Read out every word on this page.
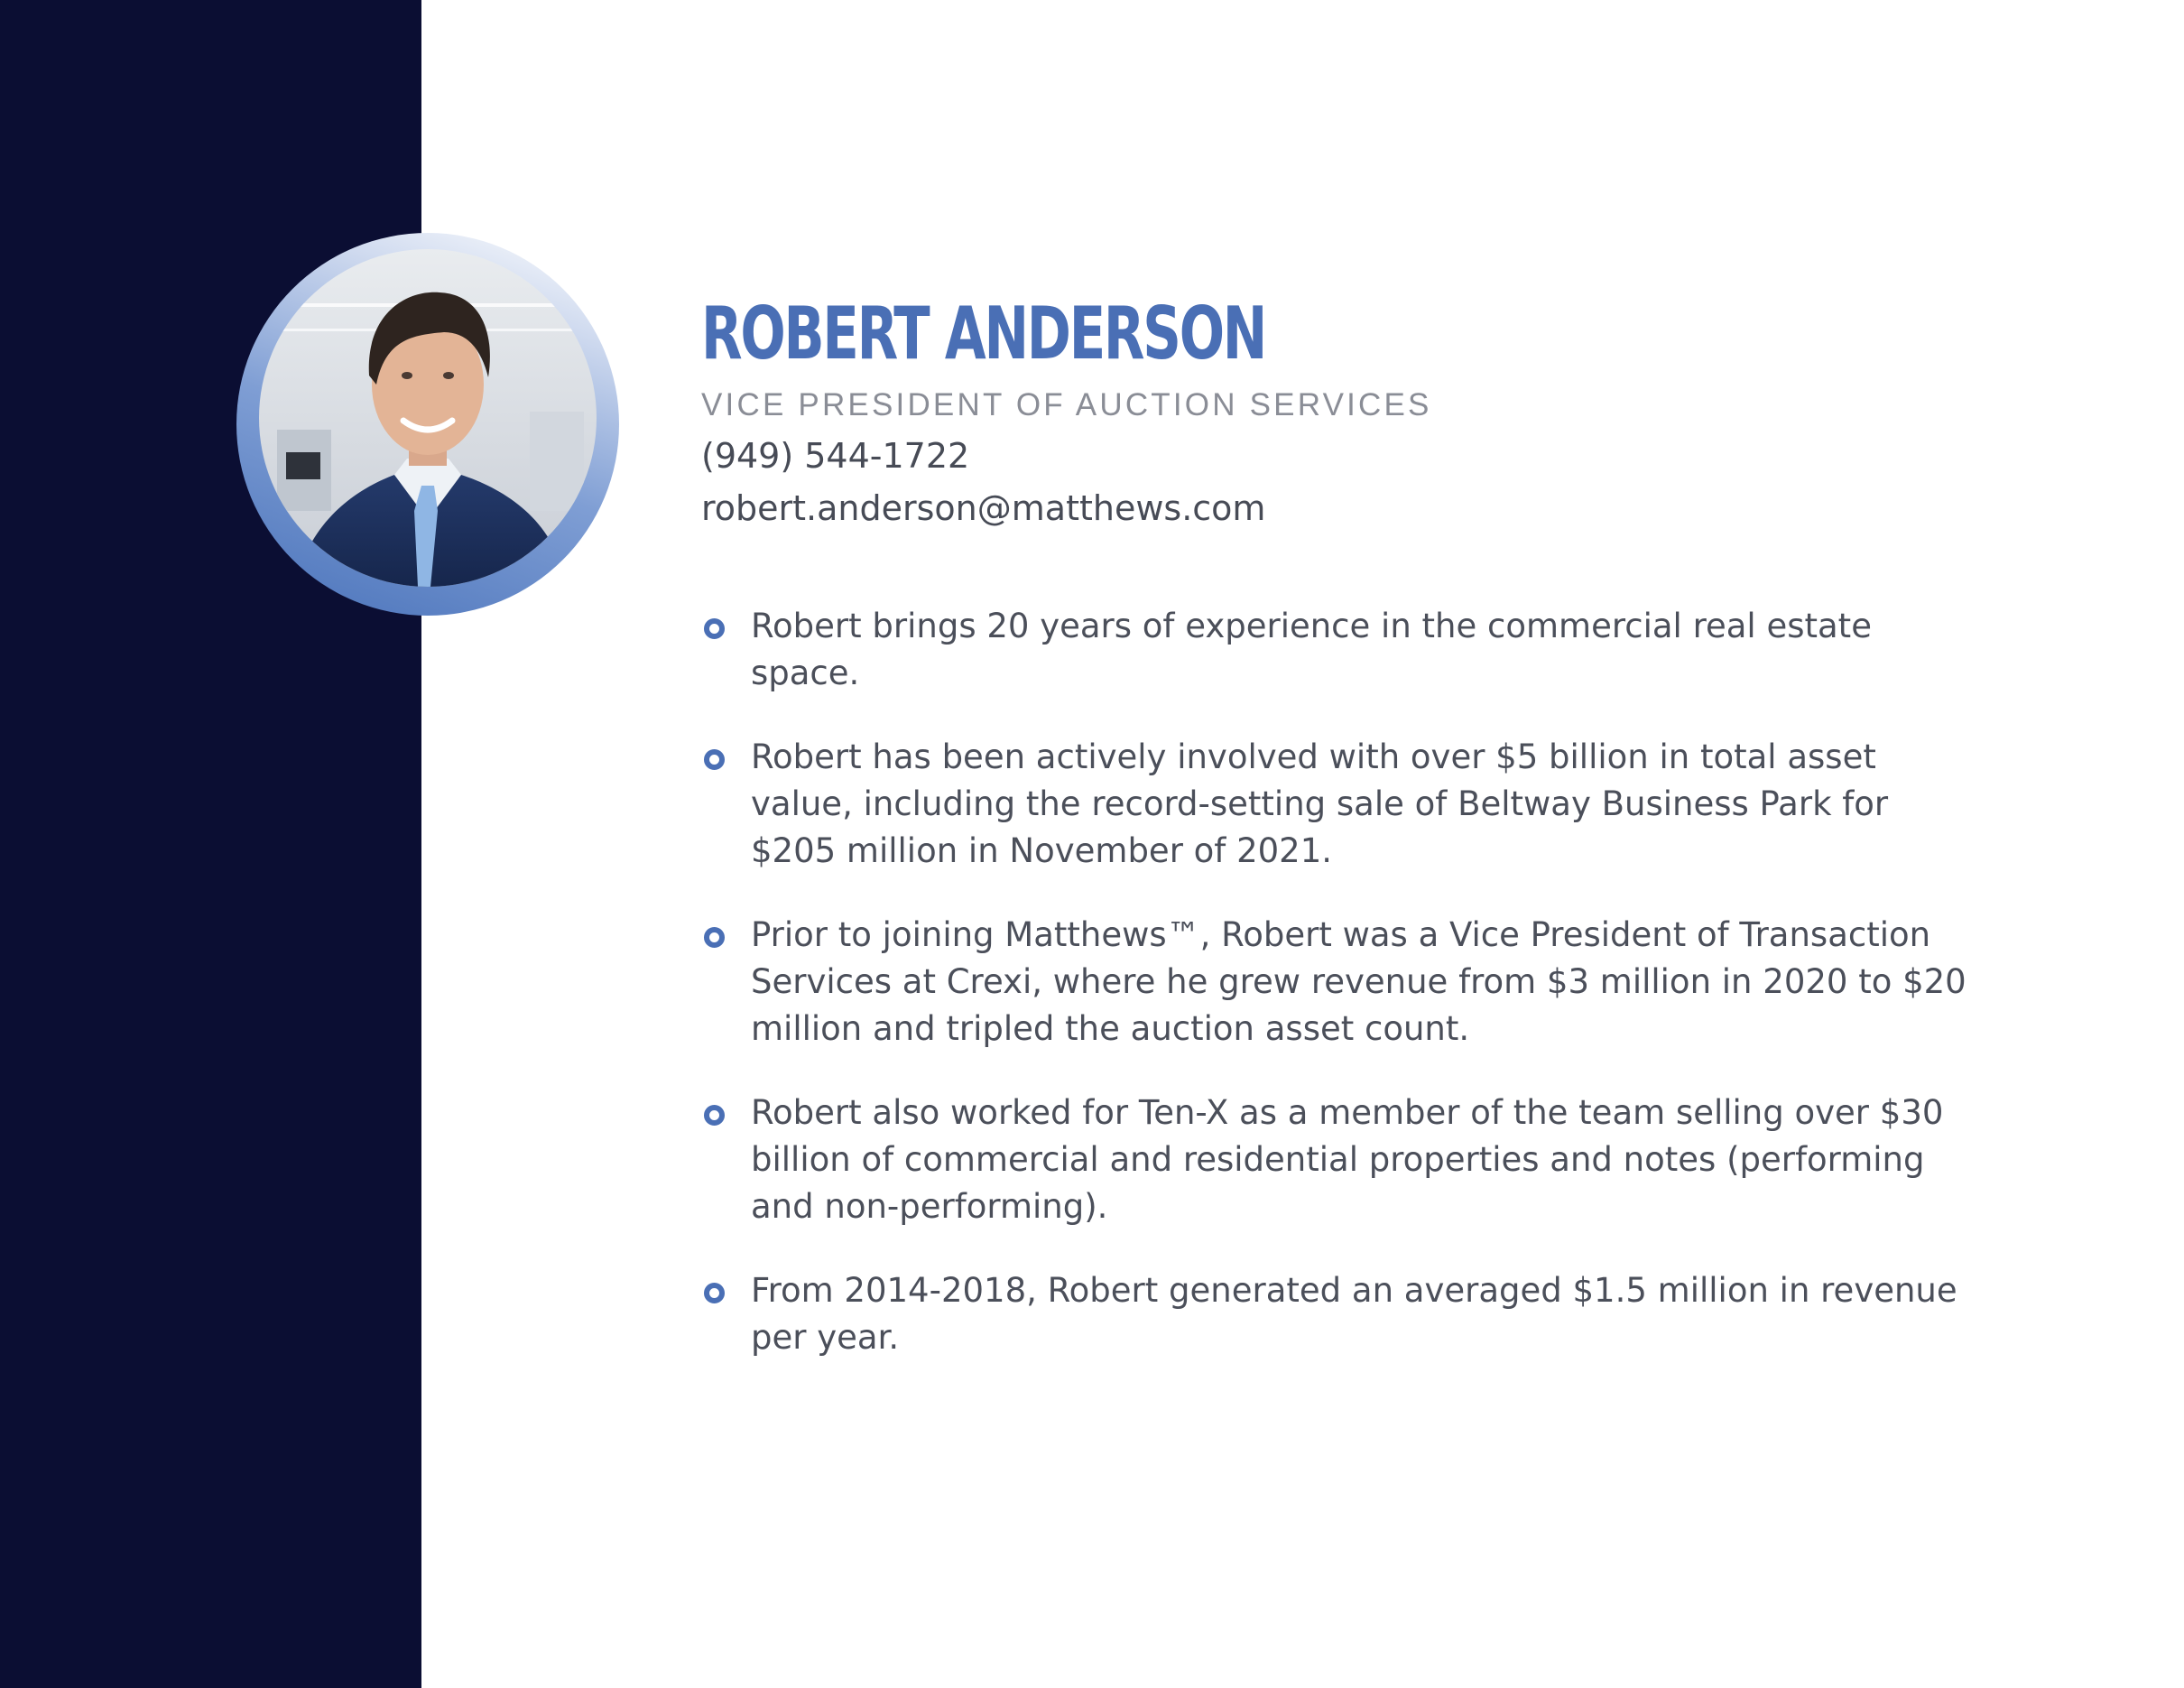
ROBERT ANDERSON
VICE PRESIDENT OF AUCTION SERVICES
(949) 544-1722
robert.anderson@matthews.com
Robert brings 20 years of experience in the commercial real estate space.
Robert has been actively involved with over $5 billion in total asset value, including the record-setting sale of Beltway Business Park for $205 million in November of 2021.
Prior to joining Matthews™, Robert was a Vice President of Transaction Services at Crexi, where he grew revenue from $3 million in 2020 to $20 million and tripled the auction asset count.
Robert also worked for Ten-X as a member of the team selling over $30 billion of commercial and residential properties and notes (performing and non-performing).
From 2014-2018, Robert generated an averaged $1.5 million in revenue per year.
